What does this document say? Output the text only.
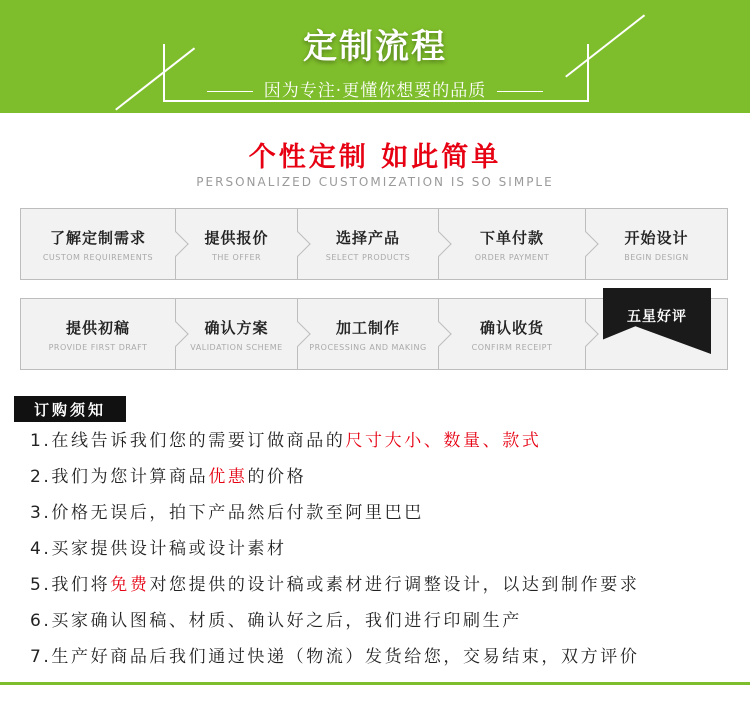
定制流程
因为专注·更懂你想要的品质
个性定制 如此简单
PERSONALIZED CUSTOMIZATION IS SO SIMPLE
了解定制需求
CUSTOM REQUIREMENTS
提供报价
THE OFFER
选择产品
SELECT PRODUCTS
下单付款
ORDER PAYMENT
开始设计
BEGIN DESIGN
提供初稿
PROVIDE FIRST DRAFT
确认方案
VALIDATION SCHEME
加工制作
PROCESSING AND MAKING
确认收货
CONFIRM RECEIPT
五星好评
订购须知
1.在线告诉我们您的需要订做商品的尺寸大小、数量、款式
2.我们为您计算商品优惠的价格
3.价格无误后，拍下产品然后付款至阿里巴巴
4.买家提供设计稿或设计素材
5.我们将免费对您提供的设计稿或素材进行调整设计，以达到制作要求
6.买家确认图稿、材质、确认好之后，我们进行印刷生产
7.生产好商品后我们通过快递（物流）发货给您，交易结束，双方评价
